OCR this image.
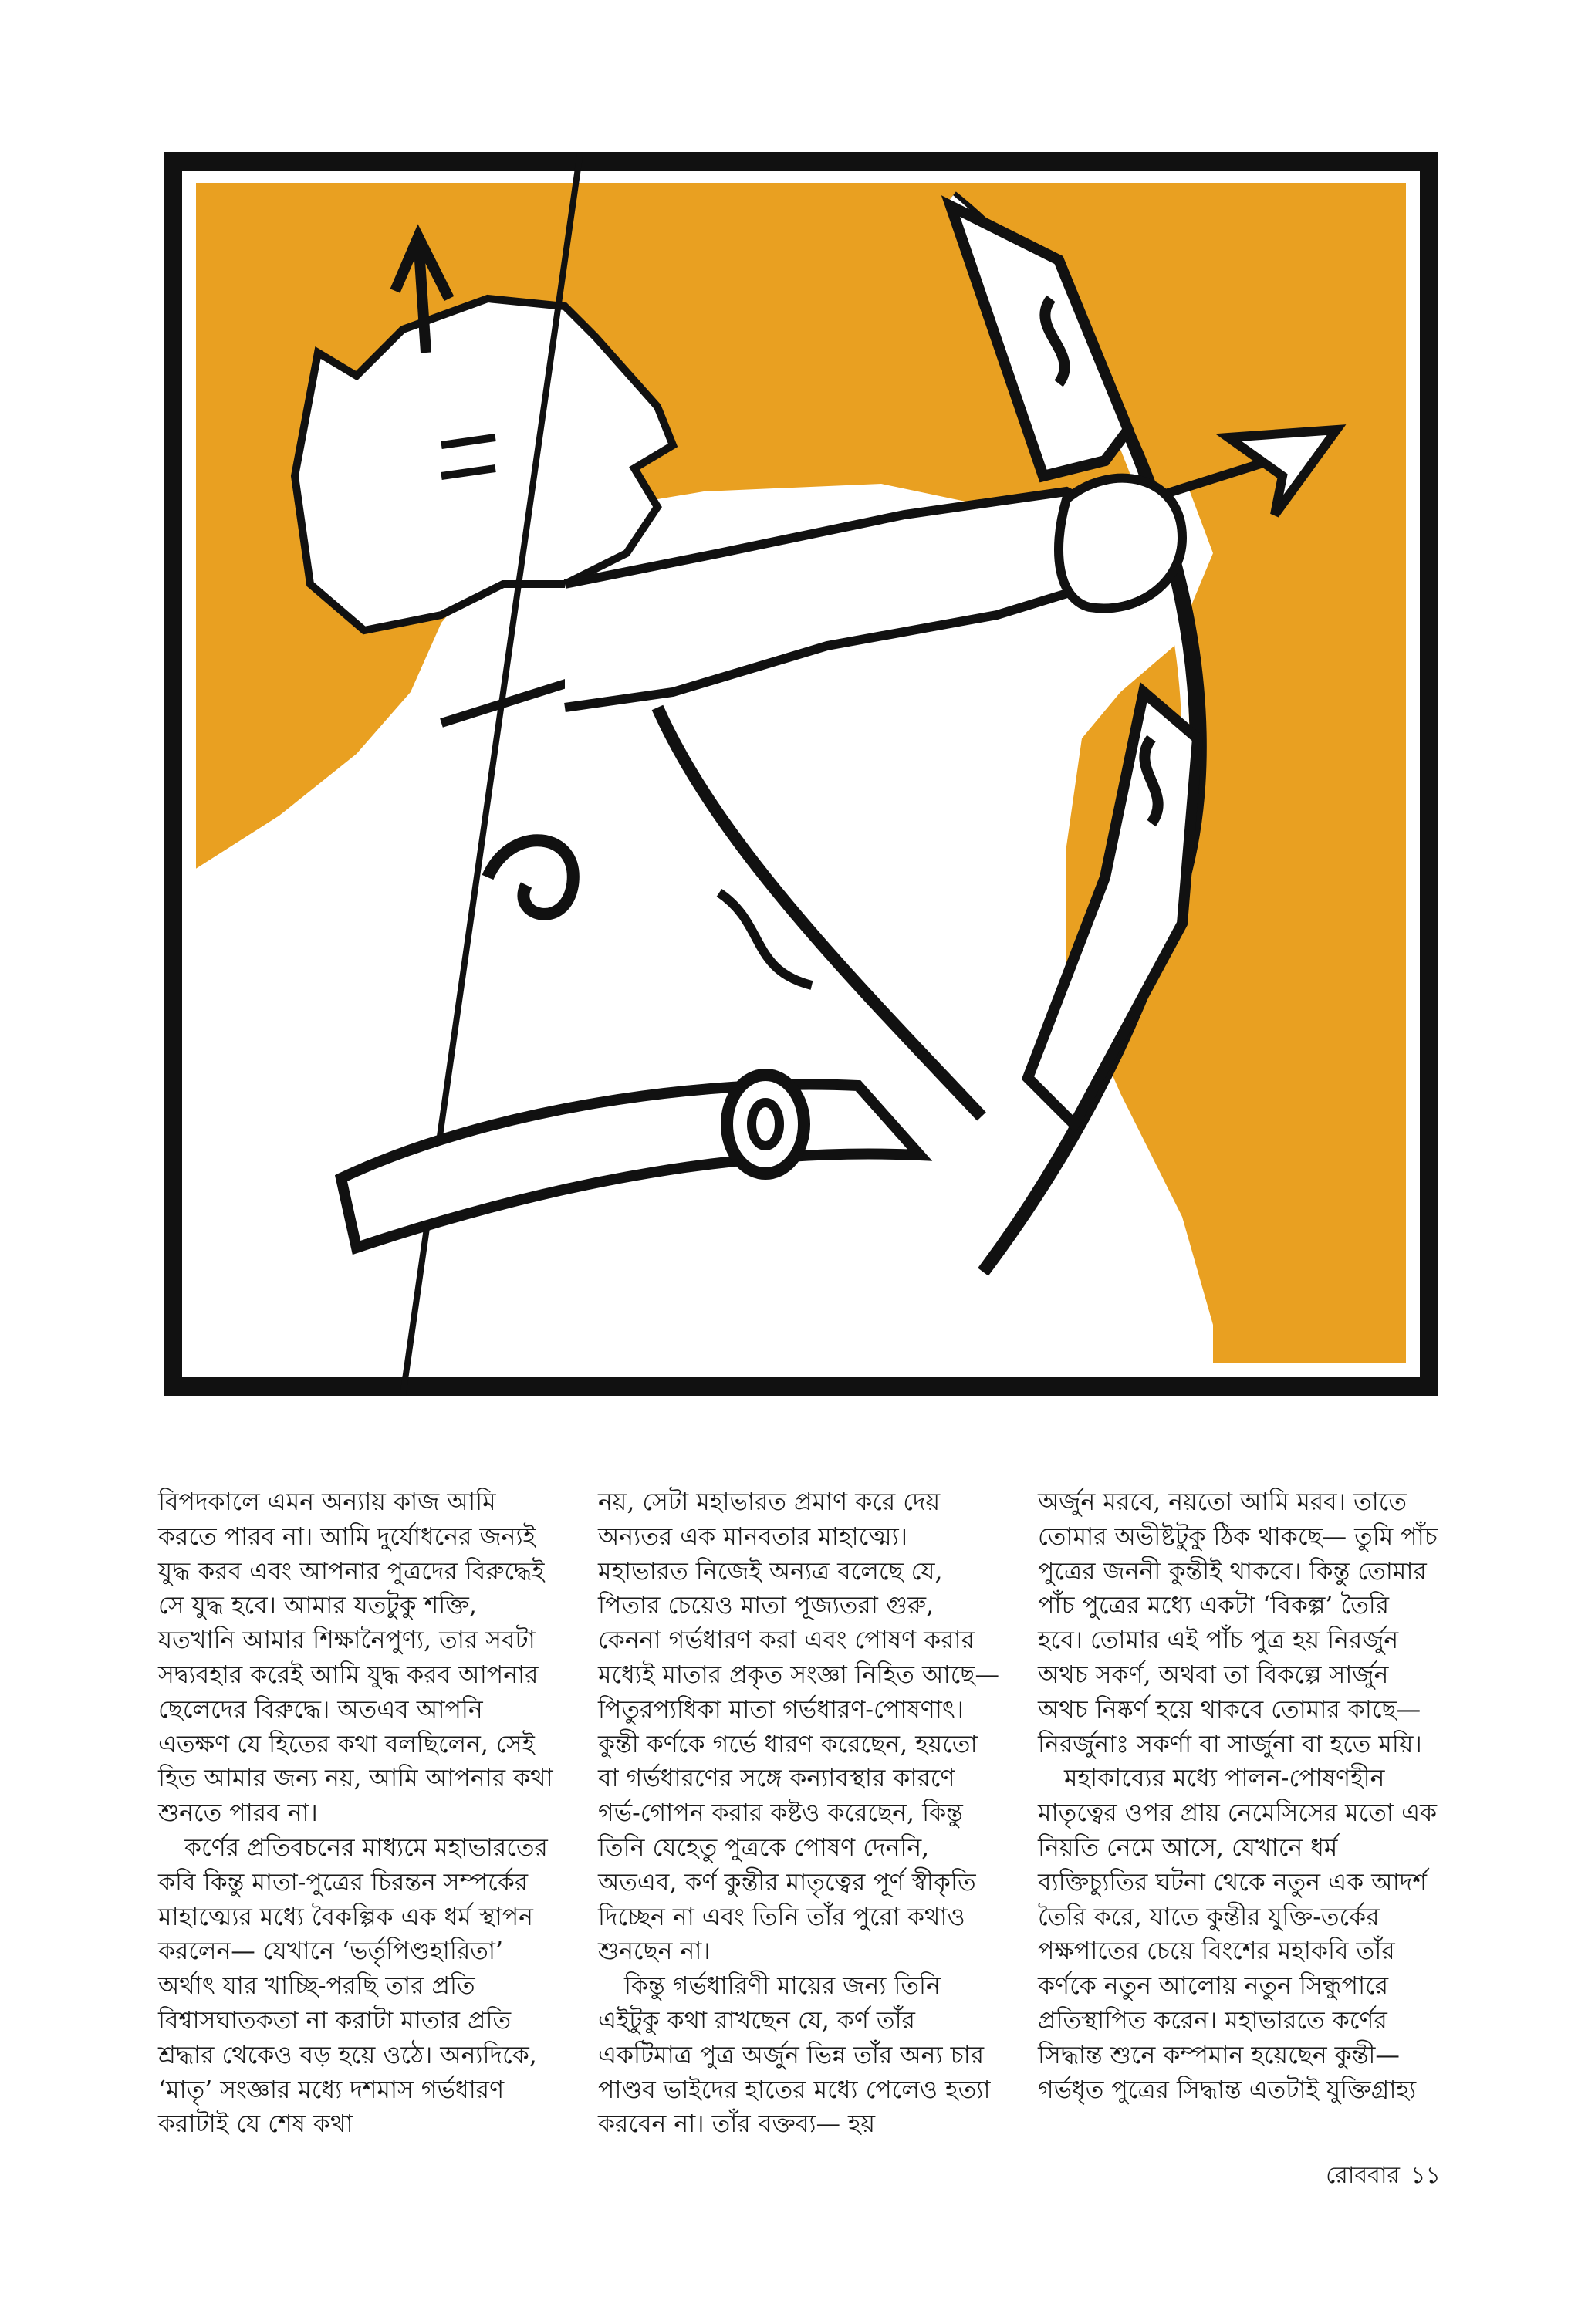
বিপদকালে এমন অন্যায় কাজ আমি করতে পারব না। আমি দুর্যোধনের জন্যই যুদ্ধ করব এবং আপনার পুত্রদের বিরুদ্ধেই সে যুদ্ধ হবে। আমার যতটুকু শক্তি, যতখানি আমার শিক্ষানৈপুণ্য, তার সবটা সদ্ব্যবহার করেই আমি যুদ্ধ করব আপনার ছেলেদের বিরুদ্ধে। অতএব আপনি এতক্ষণ যে হিতের কথা বলছিলেন, সেই হিত আমার জন্য নয়, আমি আপনার কথা শুনতে পারব না।

কর্ণের প্রতিবচনের মাধ্যমে মহাভারতের কবি কিন্তু মাতা-পুত্রের চিরন্তন সম্পর্কের মাহাত্ম্যের মধ্যে বৈকল্পিক এক ধর্ম স্থাপন করলেন— যেখানে ‘ভর্তৃপিণ্ডহারিতা’ অর্থাৎ যার খাচ্ছি-পরছি তার প্রতি বিশ্বাসঘাতকতা না করাটা মাতার প্রতি শ্রদ্ধার থেকেও বড় হয়ে ওঠে। অন্যদিকে, ‘মাতৃ’ সংজ্ঞার মধ্যে দশমাস গর্ভধারণ করাটাই যে শেষ কথা

নয়, সেটা মহাভারত প্রমাণ করে দেয় অন্যতর এক মানবতার মাহাত্ম্যে। মহাভারত নিজেই অন্যত্র বলেছে যে, পিতার চেয়েও মাতা পূজ্যতরা গুরু, কেননা গর্ভধারণ করা এবং পোষণ করার মধ্যেই মাতার প্রকৃত সংজ্ঞা নিহিত আছে— পিতুরপ্যধিকা মাতা গর্ভধারণ-পোষণাৎ। কুন্তী কর্ণকে গর্ভে ধারণ করেছেন, হয়তো বা গর্ভধারণের সঙ্গে কন্যাবস্থার কারণে গর্ভ-গোপন করার কষ্টও করেছেন, কিন্তু তিনি যেহেতু পুত্রকে পোষণ দেননি, অতএব, কর্ণ কুন্তীর মাতৃত্বের পূর্ণ স্বীকৃতি দিচ্ছেন না এবং তিনি তাঁর পুরো কথাও শুনছেন না।

কিন্তু গর্ভধারিণী মায়ের জন্য তিনি এইটুকু কথা রাখছেন যে, কর্ণ তাঁর একটিমাত্র পুত্র অর্জুন ভিন্ন তাঁর অন্য চার পাণ্ডব ভাইদের হাতের মধ্যে পেলেও হত্যা করবেন না। তাঁর বক্তব্য— হয়

অর্জুন মরবে, নয়তো আমি মরব। তাতে তোমার অভীষ্টটুকু ঠিক থাকছে— তুমি পাঁচ পুত্রের জননী কুন্তীই থাকবে। কিন্তু তোমার পাঁচ পুত্রের মধ্যে একটা ‘বিকল্প’ তৈরি হবে। তোমার এই পাঁচ পুত্র হয় নিরর্জুন অথচ সকর্ণ, অথবা তা বিকল্পে সার্জুন অথচ নিষ্কর্ণ হয়ে থাকবে তোমার কাছে— নিরর্জুনাঃ সকর্ণা বা সার্জুনা বা হতে ময়ি।

মহাকাব্যের মধ্যে পালন-পোষণহীন মাতৃত্বের ওপর প্রায় নেমেসিসের মতো এক নিয়তি নেমে আসে, যেখানে ধর্ম ব্যক্তিচ্যুতির ঘটনা থেকে নতুন এক আদর্শ তৈরি করে, যাতে কুন্তীর যুক্তি-তর্কের পক্ষপাতের চেয়ে বিংশের মহাকবি তাঁর কর্ণকে নতুন আলোয় নতুন সিন্ধুপারে প্রতিস্থাপিত করেন। মহাভারতে কর্ণের সিদ্ধান্ত শুনে কম্পমান হয়েছেন কুন্তী— গর্ভধৃত পুত্রের সিদ্ধান্ত এতটাই যুক্তিগ্রাহ্য

রোববার ১১
